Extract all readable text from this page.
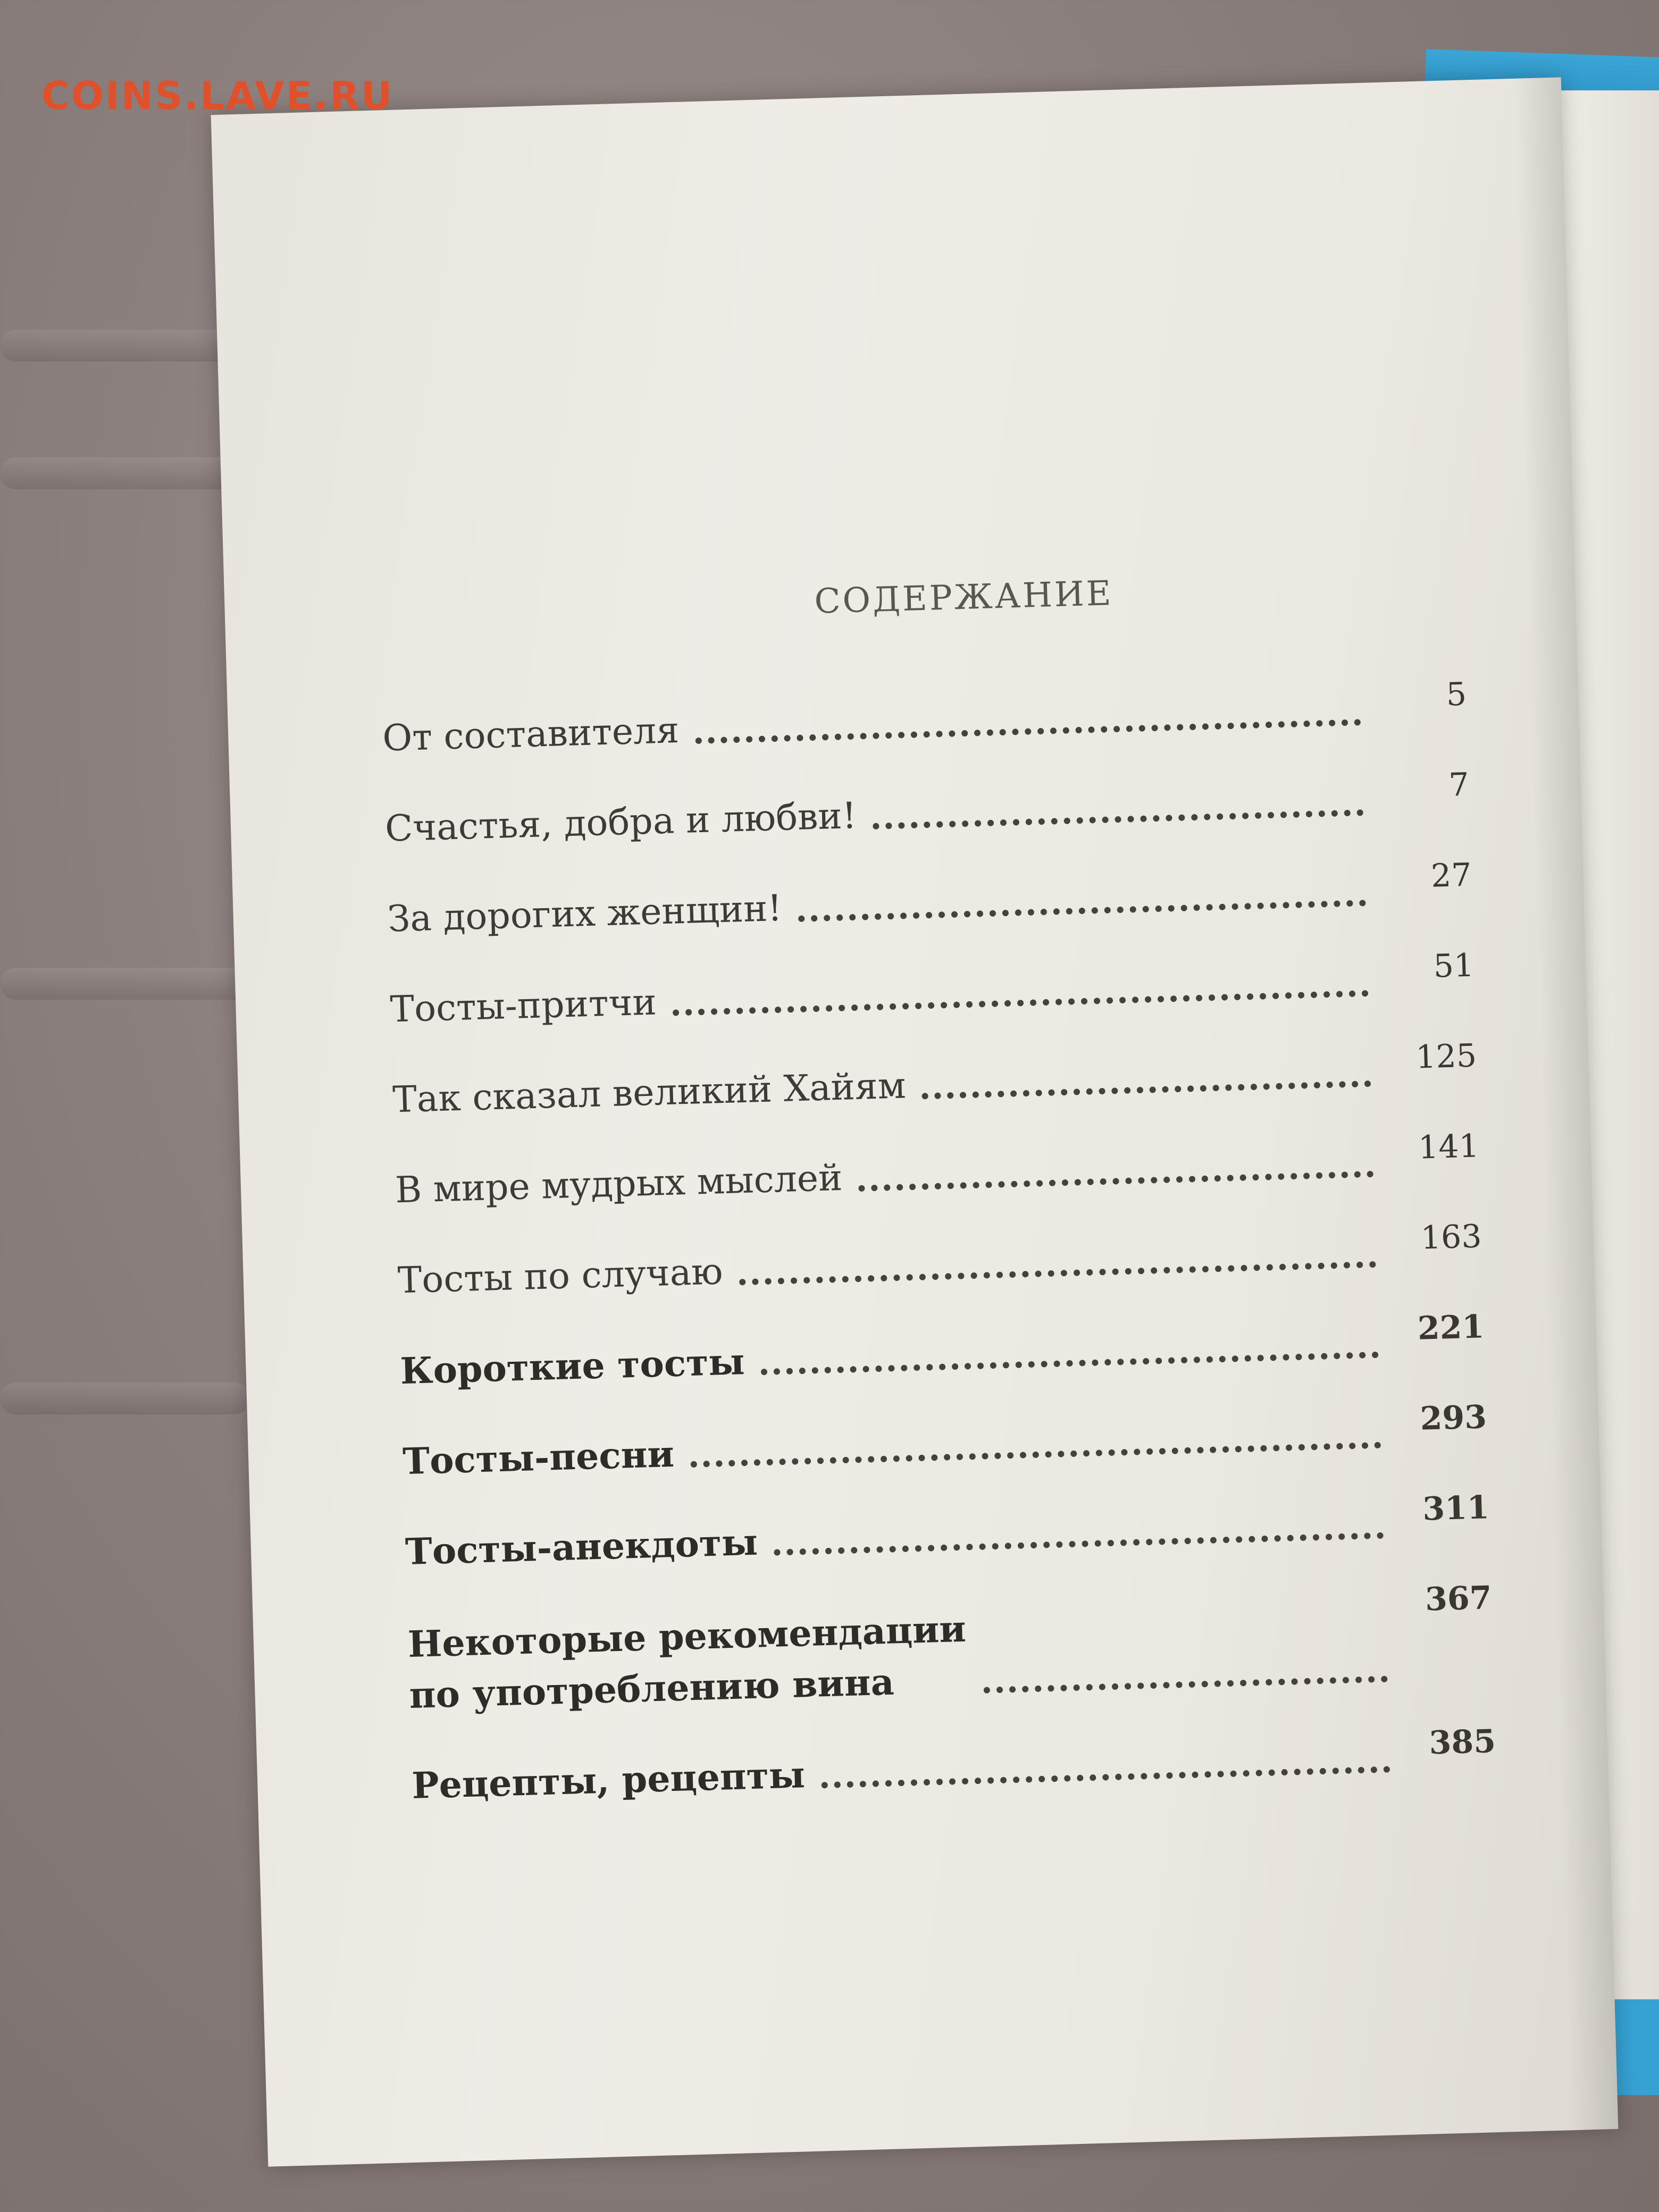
СОДЕРЖАНИЕ
От составителя
5
Счастья, добра и любви!
7
За дорогих женщин!
27
Тосты-притчи
51
Так сказал великий Хайям
125
В мире мудрых мыслей
141
Тосты по случаю
163
Короткие тосты
221
Тосты-песни
293
Тосты-анекдоты
311
Некоторые рекомендации
по употреблению вина
367
Рецепты, рецепты
385
COINS.LAVE.RU
